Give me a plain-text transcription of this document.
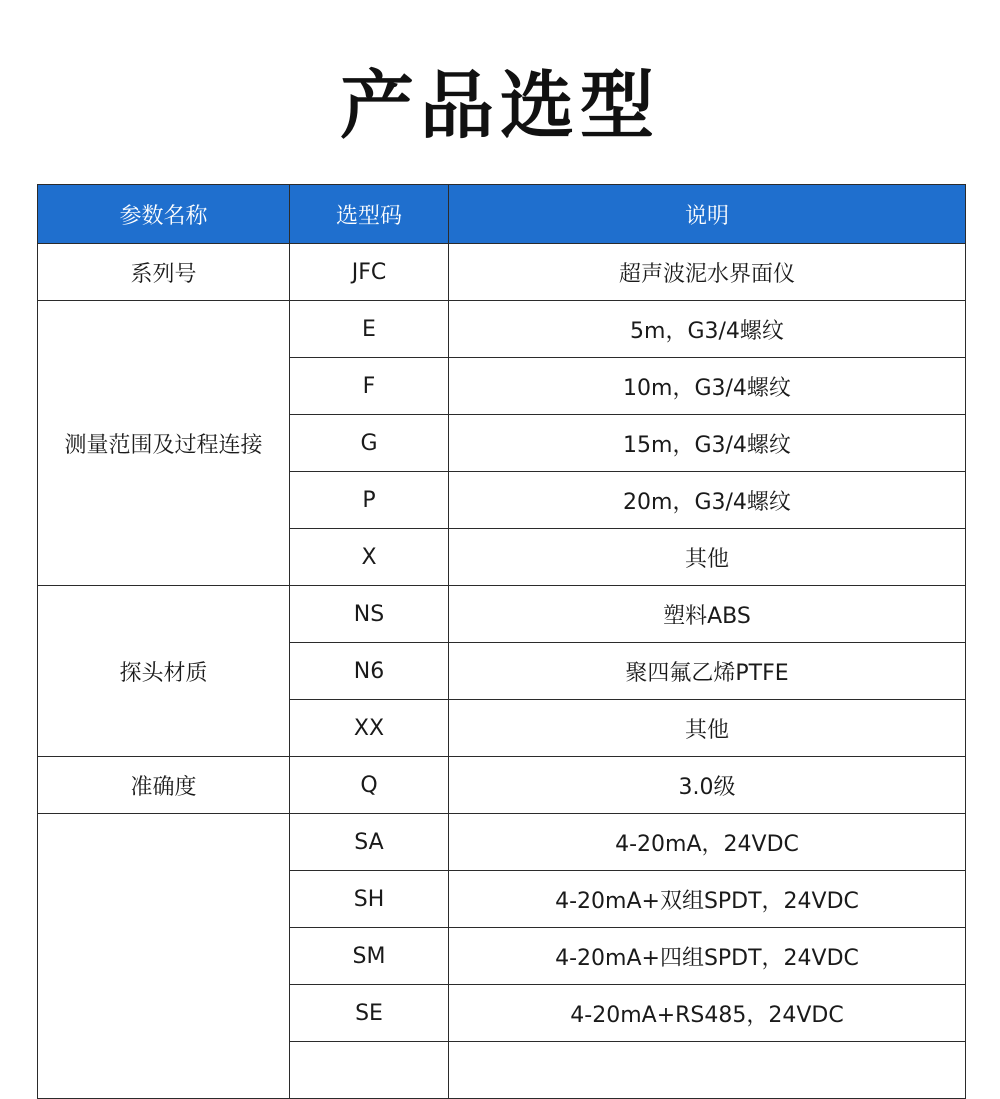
产品选型
参数名称	选型码	说明
系列号	JFC	超声波泥水界面仪
测量范围及过程连接	E	5m，G3/4螺纹
	F	10m，G3/4螺纹
	G	15m，G3/4螺纹
	P	20m，G3/4螺纹
	X	其他
探头材质	NS	塑料ABS
	N6	聚四氟乙烯PTFE
	XX	其他
准确度	Q	3.0级
	SA	4-20mA，24VDC
	SH	4-20mA+双组SPDT，24VDC
	SM	4-20mA+四组SPDT，24VDC
	SE	4-20mA+RS485，24VDC
